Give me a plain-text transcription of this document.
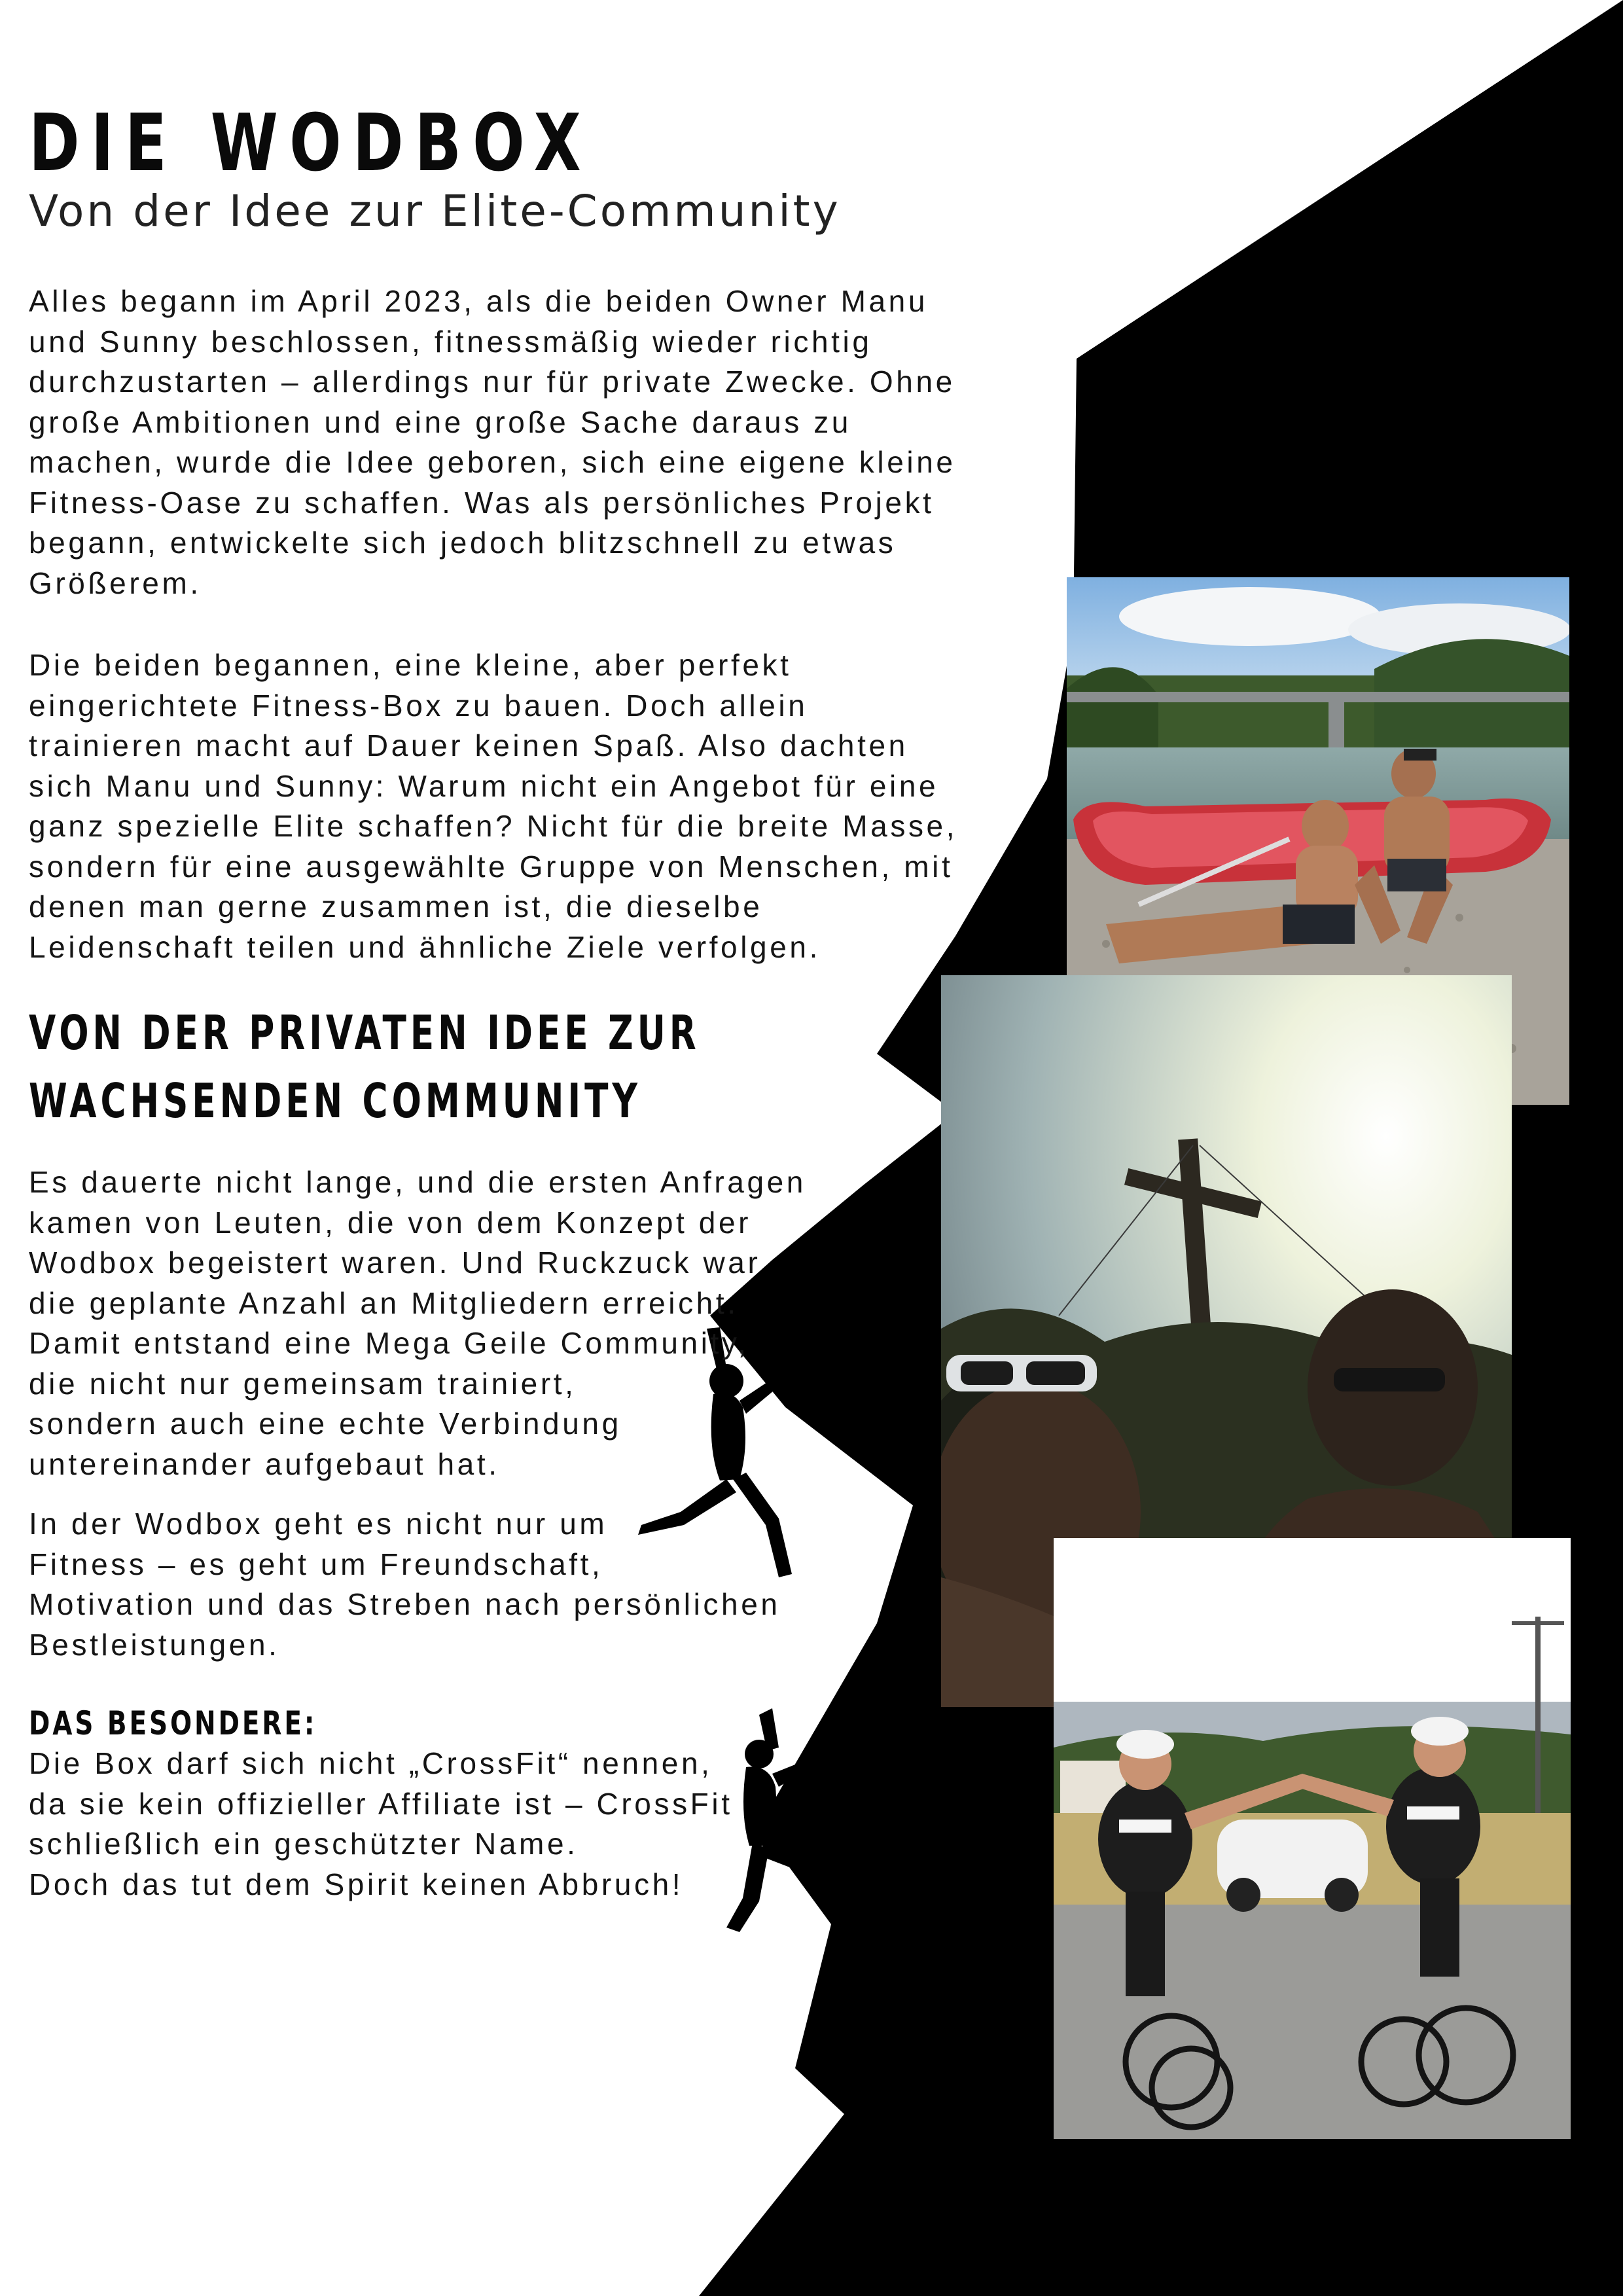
DIE WODBOX

Von der Idee zur Elite-Community

Alles begann im April 2023, als die beiden Owner Manu
und Sunny beschlossen, fitnessmäßig wieder richtig
durchzustarten – allerdings nur für private Zwecke. Ohne
große Ambitionen und eine große Sache daraus zu
machen, wurde die Idee geboren, sich eine eigene kleine
Fitness-Oase zu schaffen. Was als persönliches Projekt
begann, entwickelte sich jedoch blitzschnell zu etwas
Größerem.

Die beiden begannen, eine kleine, aber perfekt
eingerichtete Fitness-Box zu bauen. Doch allein
trainieren macht auf Dauer keinen Spaß. Also dachten
sich Manu und Sunny: Warum nicht ein Angebot für eine
ganz spezielle Elite schaffen? Nicht für die breite Masse,
sondern für eine ausgewählte Gruppe von Menschen, mit
denen man gerne zusammen ist, die dieselbe
Leidenschaft teilen und ähnliche Ziele verfolgen.

VON DER PRIVATEN IDEE ZUR
WACHSENDEN COMMUNITY

Es dauerte nicht lange, und die ersten Anfragen
kamen von Leuten, die von dem Konzept der
Wodbox begeistert waren. Und Ruckzuck war
die geplante Anzahl an Mitgliedern erreicht.
Damit entstand eine Mega Geile Community,
die nicht nur gemeinsam trainiert,
sondern auch eine echte Verbindung
untereinander aufgebaut hat.

In der Wodbox geht es nicht nur um
Fitness – es geht um Freundschaft,
Motivation und das Streben nach persönlichen
Bestleistungen.

DAS BESONDERE:

Die Box darf sich nicht „CrossFit“ nennen,
da sie kein offizieller Affiliate ist – CrossFit
schließlich ein geschützter Name.
Doch das tut dem Spirit keinen Abbruch!
